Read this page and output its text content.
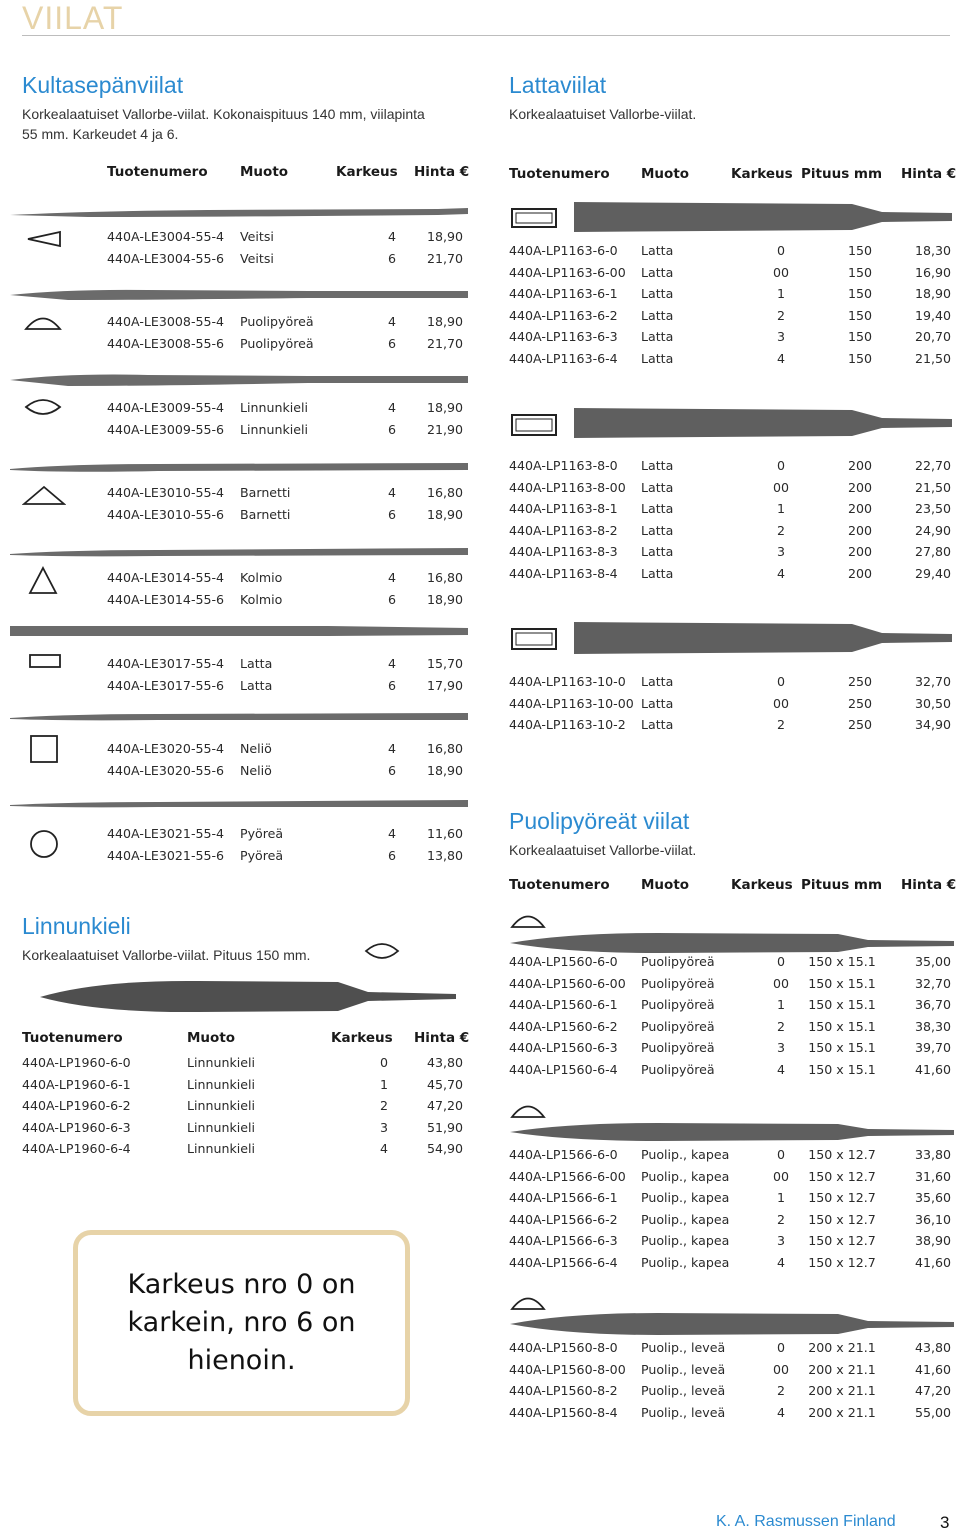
VIILAT
Kultasepänviilat
Korkealaatuiset Vallorbe-viilat. Kokonaispituus 140 mm, viilapinta
55 mm. Karkeudet 4 ja 6.
Tuotenumero Muoto	Karkeus Hinta €
440A-LE3004-55-4 Veitsi	4	18,90
440A-LE3004-55-6 Veitsi	6	21,70
440A-LE3008-55-4 Puolipyöreä	4	18,90
440A-LE3008-55-6 Puolipyöreä	6	21,70
440A-LE3009-55-4 Linnunkieli	4	18,90
440A-LE3009-55-6 Linnunkieli	6	21,90
440A-LE3010-55-4 Barnetti	4	16,80
440A-LE3010-55-6 Barnetti	6	18,90
440A-LE3014-55-4 Kolmio	4	16,80
440A-LE3014-55-6 Kolmio	6	18,90
440A-LE3017-55-4 Latta	4	15,70
440A-LE3017-55-6 Latta	6	17,90
440A-LE3020-55-4 Neliö	4	16,80
440A-LE3020-55-6 Neliö	6	18,90
440A-LE3021-55-4 Pyöreä	4	11,60
440A-LE3021-55-6 Pyöreä	6	13,80
Lattaviilat
Korkealaatuiset Vallorbe-viilat.
Tuotenumero Muoto	Karkeus Pituus mm Hinta €
440A-LP1163-6-0 Latta	0	150	18,30
440A-LP1163-6-00 Latta	00	150	16,90
440A-LP1163-6-1 Latta	1	150	18,90
440A-LP1163-6-2 Latta	2	150	19,40
440A-LP1163-6-3 Latta	3	150	20,70
440A-LP1163-6-4 Latta	4	150	21,50
440A-LP1163-8-0 Latta	0	200	22,70
440A-LP1163-8-00 Latta	00	200	21,50
440A-LP1163-8-1 Latta	1	200	23,50
440A-LP1163-8-2 Latta	2	200	24,90
440A-LP1163-8-3 Latta	3	200	27,80
440A-LP1163-8-4 Latta	4	200	29,40
440A-LP1163-10-0 Latta	0	250	32,70
440A-LP1163-10-00 Latta	00	250	30,50
440A-LP1163-10-2 Latta	2	250	34,90
Puolipyöreät viilat
Korkealaatuiset Vallorbe-viilat.
Tuotenumero Muoto	Karkeus Pituus mm Hinta €
440A-LP1560-6-0 Puolipyöreä	0	150 x 15.1	35,00
440A-LP1560-6-00 Puolipyöreä	00	150 x 15.1	32,70
440A-LP1560-6-1 Puolipyöreä	1	150 x 15.1	36,70
440A-LP1560-6-2 Puolipyöreä	2	150 x 15.1	38,30
440A-LP1560-6-3 Puolipyöreä	3	150 x 15.1	39,70
440A-LP1560-6-4 Puolipyöreä	4	150 x 15.1	41,60
440A-LP1566-6-0 Puolip., kapea	0	150 x 12.7	33,80
440A-LP1566-6-00 Puolip., kapea	00	150 x 12.7	31,60
440A-LP1566-6-1 Puolip., kapea	1	150 x 12.7	35,60
440A-LP1566-6-2 Puolip., kapea	2	150 x 12.7	36,10
440A-LP1566-6-3 Puolip., kapea	3	150 x 12.7	38,90
440A-LP1566-6-4 Puolip., kapea	4	150 x 12.7	41,60
440A-LP1560-8-0 Puolip., leveä	0	200 x 21.1	43,80
440A-LP1560-8-00 Puolip., leveä	00	200 x 21.1	41,60
440A-LP1560-8-2 Puolip., leveä	2	200 x 21.1	47,20
440A-LP1560-8-4 Puolip., leveä	4	200 x 21.1	55,00
Linnunkieli
Korkealaatuiset Vallorbe-viilat. Pituus 150 mm.
Tuotenumero	Muoto	Karkeus Hinta €
440A-LP1960-6-0	Linnunkieli	0	43,80
440A-LP1960-6-1	Linnunkieli	1	45,70
440A-LP1960-6-2	Linnunkieli	2	47,20
440A-LP1960-6-3	Linnunkieli	3	51,90
440A-LP1960-6-4	Linnunkieli	4	54,90
Karkeus nro 0 on karkein, nro 6 on hienoin.
K. A. Rasmussen Finland	3
